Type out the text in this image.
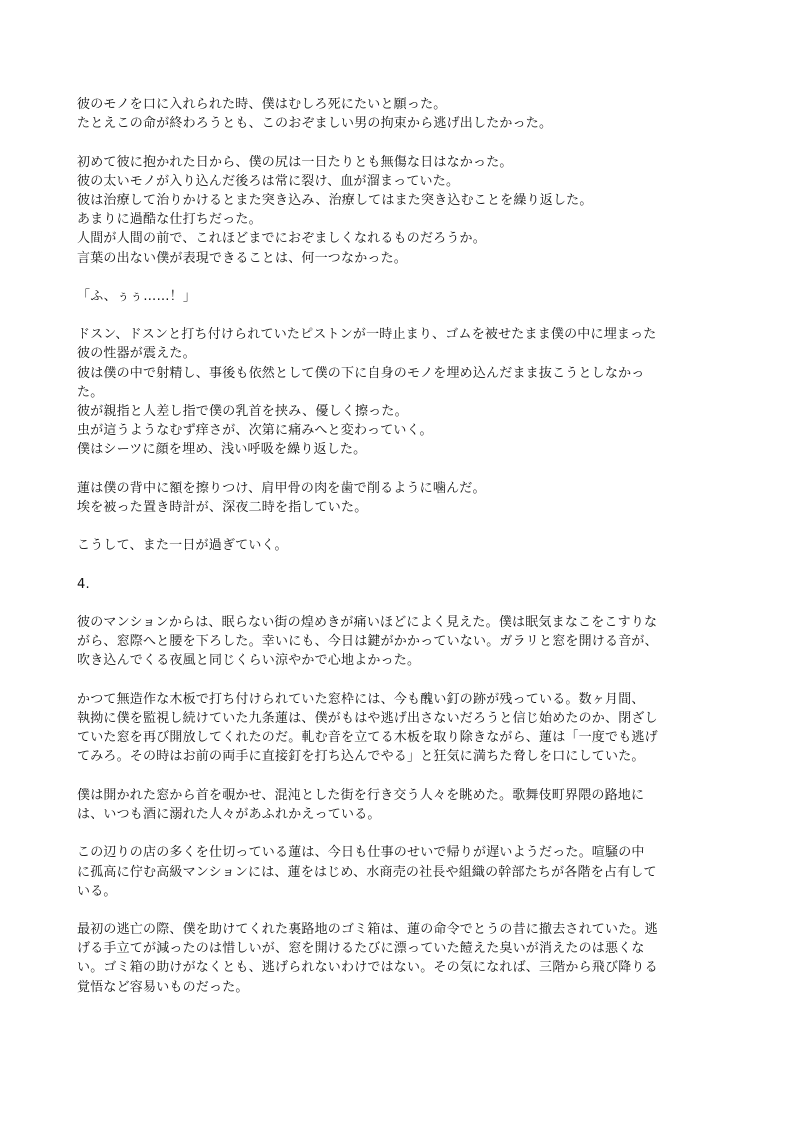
彼のモノを口に入れられた時、僕はむしろ死にたいと願った。
たとえこの命が終わろうとも、このおぞましい男の拘束から逃げ出したかった。
初めて彼に抱かれた日から、僕の尻は一日たりとも無傷な日はなかった。
彼の太いモノが入り込んだ後ろは常に裂け、血が溜まっていた。
彼は治療して治りかけるとまた突き込み、治療してはまた突き込むことを繰り返した。
あまりに過酷な仕打ちだった。
人間が人間の前で、これほどまでにおぞましくなれるものだろうか。
言葉の出ない僕が表現できることは、何一つなかった。
「ふ、ぅぅ……！」
ドスン、ドスンと打ち付けられていたピストンが一時止まり、ゴムを被せたまま僕の中に埋まった
彼の性器が震えた。
彼は僕の中で射精し、事後も依然として僕の下に自身のモノを埋め込んだまま抜こうとしなかっ
た。
彼が親指と人差し指で僕の乳首を挟み、優しく擦った。
虫が這うようなむず痒さが、次第に痛みへと変わっていく。
僕はシーツに顔を埋め、浅い呼吸を繰り返した。
蓮は僕の背中に額を擦りつけ、肩甲骨の肉を歯で削るように噛んだ。
埃を被った置き時計が、深夜二時を指していた。
こうして、また一日が過ぎていく。
4.
彼のマンションからは、眠らない街の煌めきが痛いほどによく見えた。僕は眠気まなこをこすりな
がら、窓際へと腰を下ろした。幸いにも、今日は鍵がかかっていない。ガラリと窓を開ける音が、
吹き込んでくる夜風と同じくらい涼やかで心地よかった。
かつて無造作な木板で打ち付けられていた窓枠には、今も醜い釘の跡が残っている。数ヶ月間、
執拗に僕を監視し続けていた九条蓮は、僕がもはや逃げ出さないだろうと信じ始めたのか、閉ざし
ていた窓を再び開放してくれたのだ。軋む音を立てる木板を取り除きながら、蓮は「一度でも逃げ
てみろ。その時はお前の両手に直接釘を打ち込んでやる」と狂気に満ちた脅しを口にしていた。
僕は開かれた窓から首を覗かせ、混沌とした街を行き交う人々を眺めた。歌舞伎町界隈の路地に
は、いつも酒に溺れた人々があふれかえっている。
この辺りの店の多くを仕切っている蓮は、今日も仕事のせいで帰りが遅いようだった。喧騒の中
に孤高に佇む高級マンションには、蓮をはじめ、水商売の社長や組織の幹部たちが各階を占有して
いる。
最初の逃亡の際、僕を助けてくれた裏路地のゴミ箱は、蓮の命令でとうの昔に撤去されていた。逃
げる手立てが減ったのは惜しいが、窓を開けるたびに漂っていた饐えた臭いが消えたのは悪くな
い。ゴミ箱の助けがなくとも、逃げられないわけではない。その気になれば、三階から飛び降りる
覚悟など容易いものだった。
